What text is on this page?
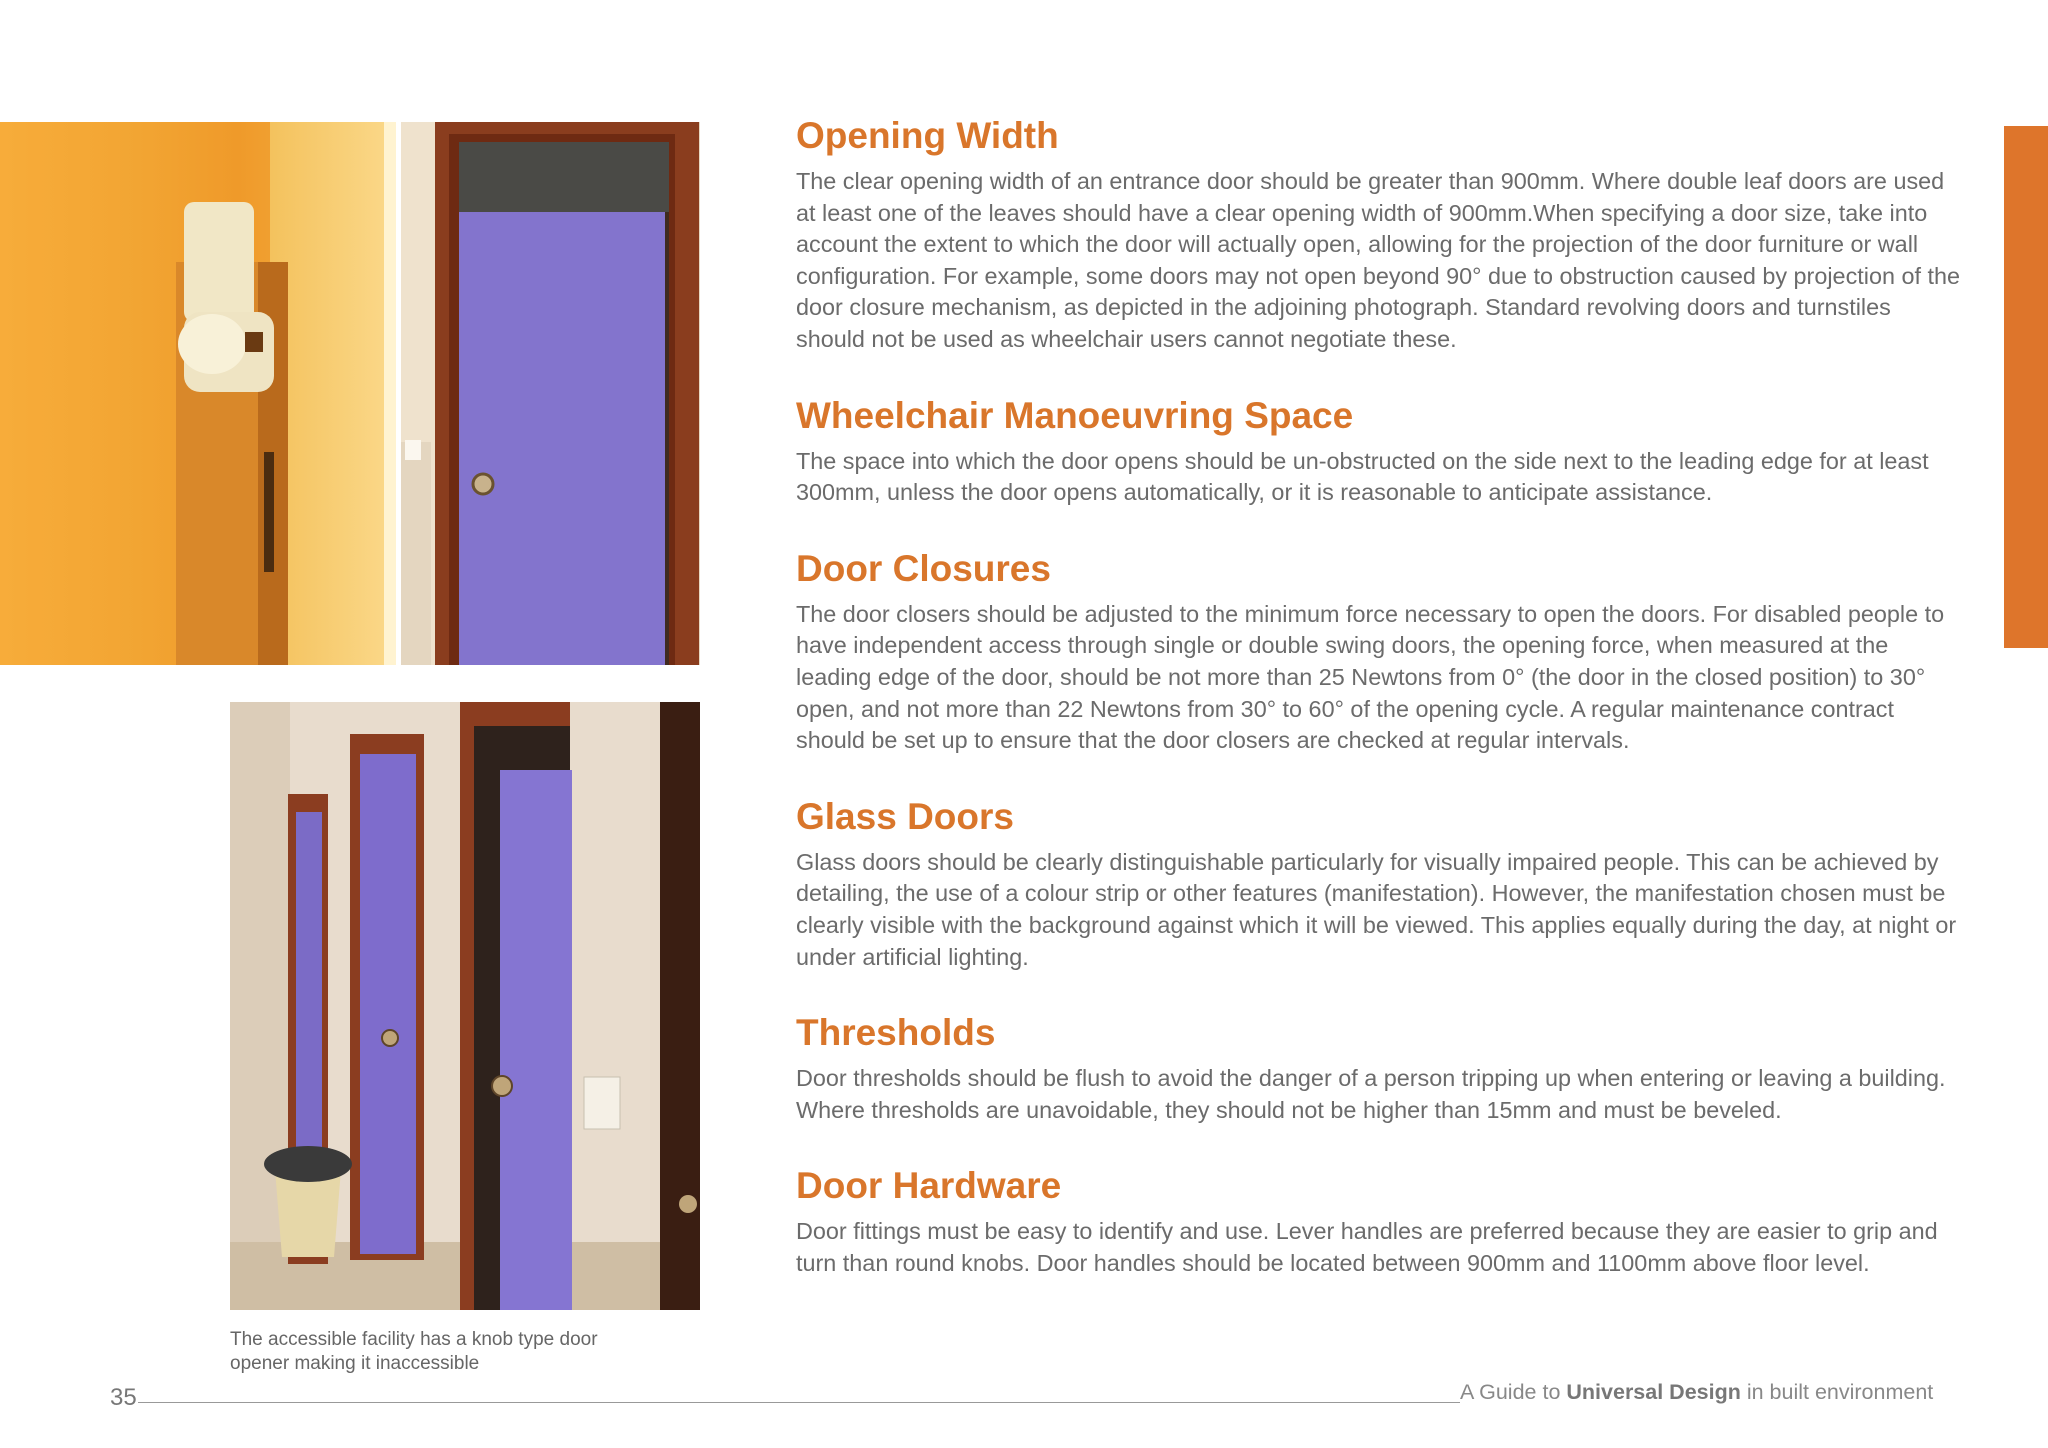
The accessible facility has a knob type door opener making it inaccessible
Opening Width

The clear opening width of an entrance door should be greater than 900mm. Where double leaf doors are used at least one of the leaves should have a clear opening width of 900mm.When specifying a door size, take into account the extent to which the door will actually open, allowing for the projection of the door furniture or wall configuration. For example, some doors may not open beyond 90° due to obstruction caused by projection of the door closure mechanism, as depicted in the adjoining photograph. Standard revolving doors and turnstiles should not be used as wheelchair users cannot negotiate these.

Wheelchair Manoeuvring Space

The space into which the door opens should be un-obstructed on the side next to the leading edge for at least 300mm, unless the door opens automatically, or it is reasonable to anticipate assistance.

Door Closures

The door closers should be adjusted to the minimum force necessary to open the doors. For disabled people to have independent access through single or double swing doors, the opening force, when measured at the leading edge of the door, should be not more than 25 Newtons from 0° (the door in the closed position) to 30° open, and not more than 22 Newtons from 30° to 60° of the opening cycle. A regular maintenance contract should be set up to ensure that the door closers are checked at regular intervals.

Glass Doors

Glass doors should be clearly distinguishable particularly for visually impaired people. This can be achieved by detailing, the use of a colour strip or other features (manifestation). However, the manifestation chosen must be clearly visible with the background against which it will be viewed. This applies equally during the day, at night or under artificial lighting.

Thresholds

Door thresholds should be flush to avoid the danger of a person tripping up when entering or leaving a building. Where thresholds are unavoidable, they should not be higher than 15mm and must be beveled.

Door Hardware

Door fittings must be easy to identify and use. Lever handles are preferred because they are easier to grip and turn than round knobs. Door handles should be located between 900mm and 1100mm above floor level.

35	A Guide to Universal Design in built environment
